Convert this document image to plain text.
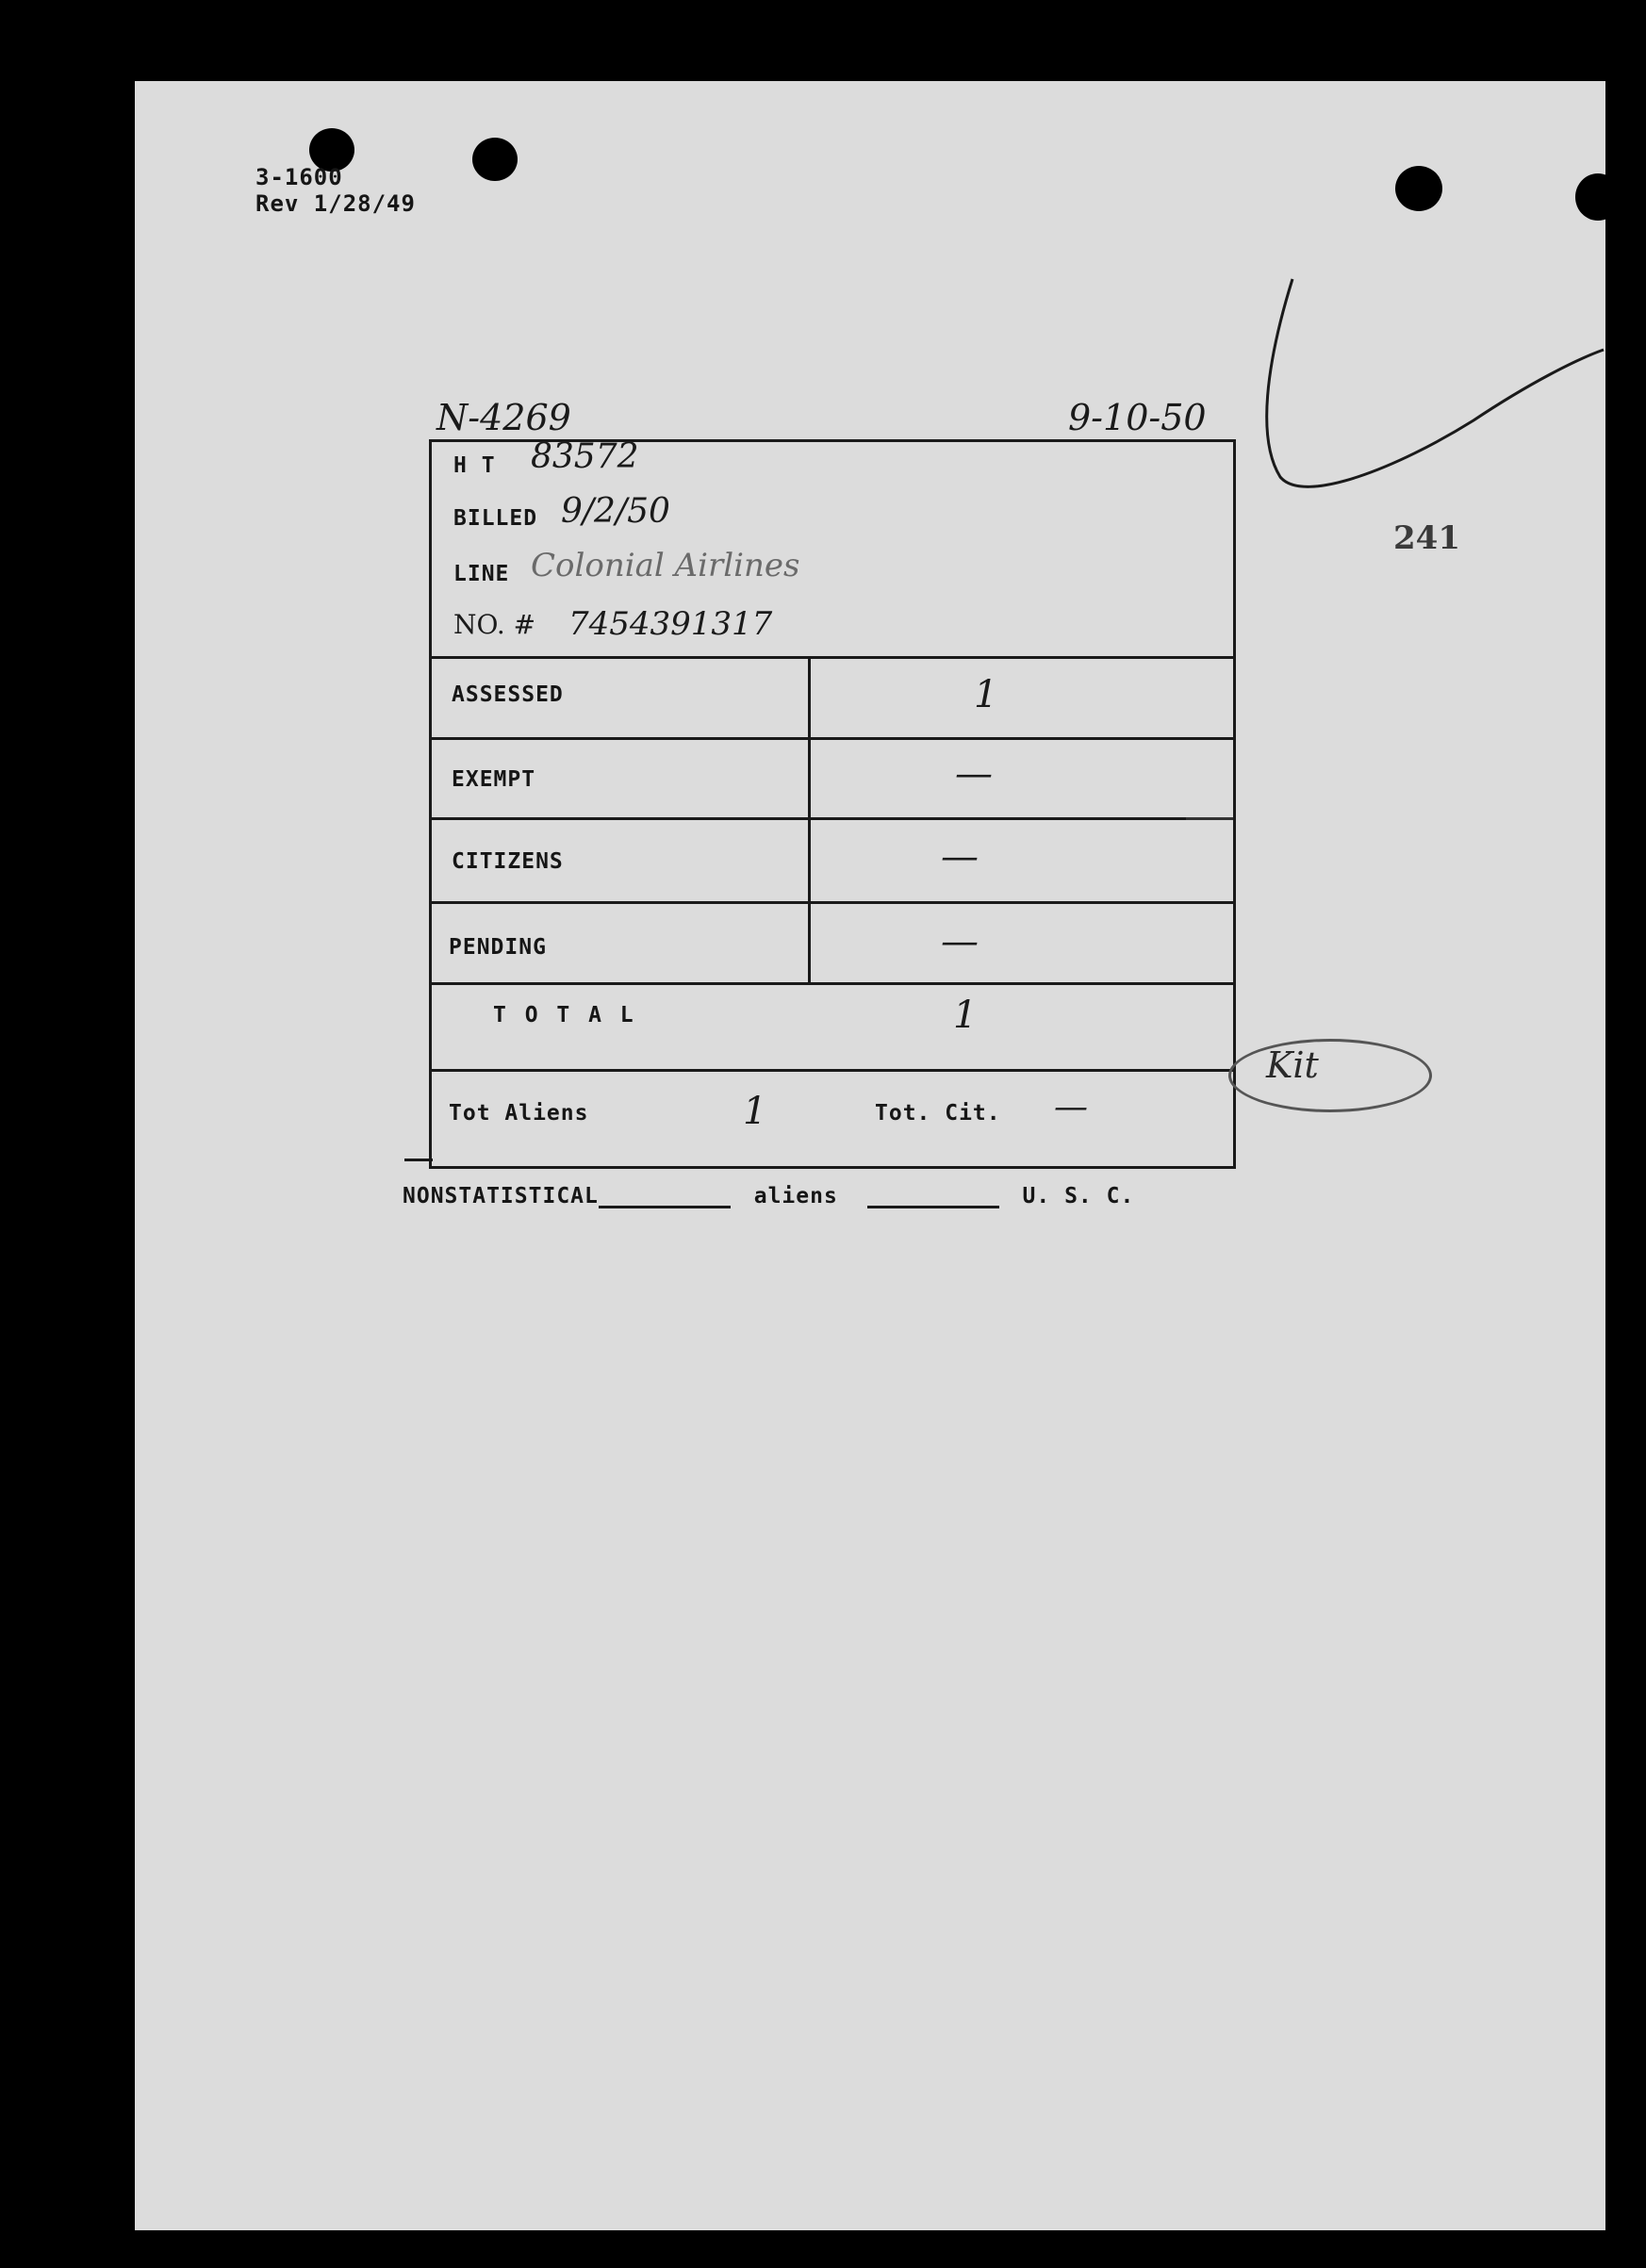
3-1600
Rev 1/28/49
N-4269	9-10-50
241
H T 83572
BILLED 9/2/50
LINE Colonial Airlines
NO. # 7454391317
ASSESSED	1
EXEMPT	—
CITIZENS	—
PENDING	—
T O T A L	1
Tot Aliens	1	Tot. Cit. —
Kit
NONSTATISTICAL	aliens	U. S. C.
